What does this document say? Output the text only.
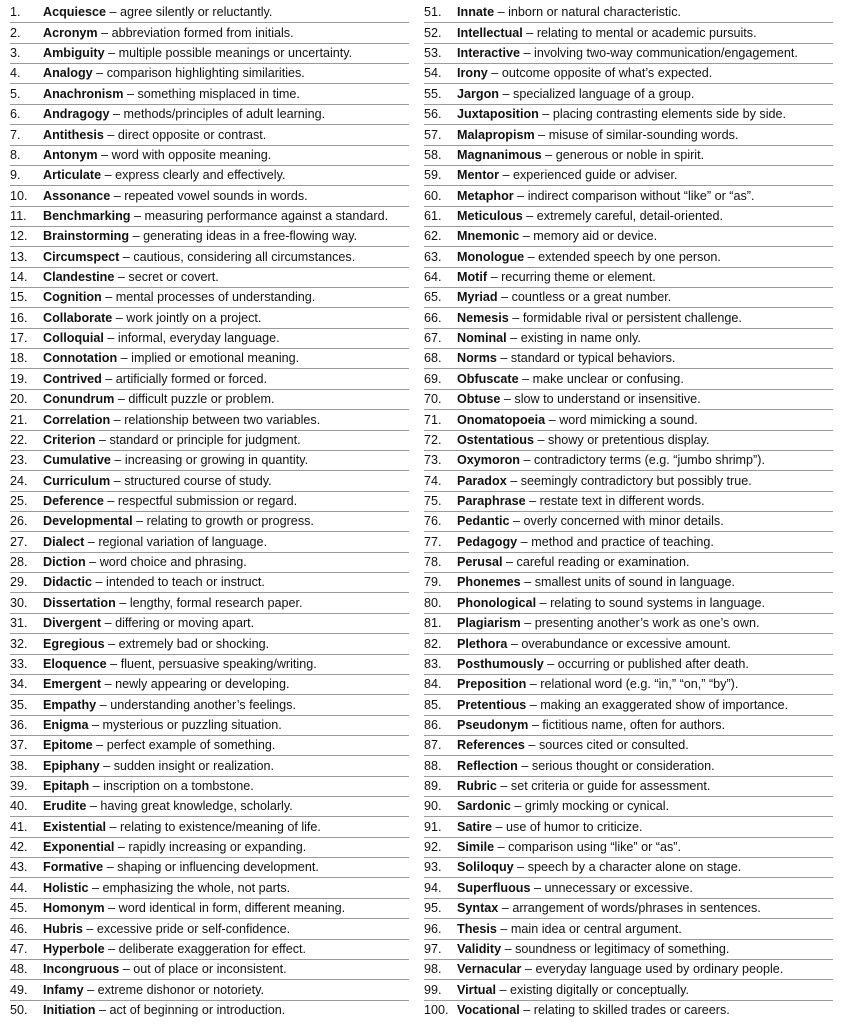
1.	Acquiesce – agree silently or reluctantly.
2.	Acronym – abbreviation formed from initials.
3.	Ambiguity – multiple possible meanings or uncertainty.
4.	Analogy – comparison highlighting similarities.
5.	Anachronism – something misplaced in time.
6.	Andragogy – methods/principles of adult learning.
7.	Antithesis – direct opposite or contrast.
8.	Antonym – word with opposite meaning.
9.	Articulate – express clearly and effectively.
10.	Assonance – repeated vowel sounds in words.
11.	Benchmarking – measuring performance against a standard.
12.	Brainstorming – generating ideas in a free-flowing way.
13.	Circumspect – cautious, considering all circumstances.
14.	Clandestine – secret or covert.
15.	Cognition – mental processes of understanding.
16.	Collaborate – work jointly on a project.
17.	Colloquial – informal, everyday language.
18.	Connotation – implied or emotional meaning.
19.	Contrived – artificially formed or forced.
20.	Conundrum – difficult puzzle or problem.
21.	Correlation – relationship between two variables.
22.	Criterion – standard or principle for judgment.
23.	Cumulative – increasing or growing in quantity.
24.	Curriculum – structured course of study.
25.	Deference – respectful submission or regard.
26.	Developmental – relating to growth or progress.
27.	Dialect – regional variation of language.
28.	Diction – word choice and phrasing.
29.	Didactic – intended to teach or instruct.
30.	Dissertation – lengthy, formal research paper.
31.	Divergent – differing or moving apart.
32.	Egregious – extremely bad or shocking.
33.	Eloquence – fluent, persuasive speaking/writing.
34.	Emergent – newly appearing or developing.
35.	Empathy – understanding another’s feelings.
36.	Enigma – mysterious or puzzling situation.
37.	Epitome – perfect example of something.
38.	Epiphany – sudden insight or realization.
39.	Epitaph – inscription on a tombstone.
40.	Erudite – having great knowledge, scholarly.
41.	Existential – relating to existence/meaning of life.
42.	Exponential – rapidly increasing or expanding.
43.	Formative – shaping or influencing development.
44.	Holistic – emphasizing the whole, not parts.
45.	Homonym – word identical in form, different meaning.
46.	Hubris – excessive pride or self-confidence.
47.	Hyperbole – deliberate exaggeration for effect.
48.	Incongruous – out of place or inconsistent.
49.	Infamy – extreme dishonor or notoriety.
50.	Initiation – act of beginning or introduction.
51.	Innate – inborn or natural characteristic.
52.	Intellectual – relating to mental or academic pursuits.
53.	Interactive – involving two-way communication/engagement.
54.	Irony – outcome opposite of what’s expected.
55.	Jargon – specialized language of a group.
56.	Juxtaposition – placing contrasting elements side by side.
57.	Malapropism – misuse of similar-sounding words.
58.	Magnanimous – generous or noble in spirit.
59.	Mentor – experienced guide or adviser.
60.	Metaphor – indirect comparison without “like” or “as”.
61.	Meticulous – extremely careful, detail-oriented.
62.	Mnemonic – memory aid or device.
63.	Monologue – extended speech by one person.
64.	Motif – recurring theme or element.
65.	Myriad – countless or a great number.
66.	Nemesis – formidable rival or persistent challenge.
67.	Nominal – existing in name only.
68.	Norms – standard or typical behaviors.
69.	Obfuscate – make unclear or confusing.
70.	Obtuse – slow to understand or insensitive.
71.	Onomatopoeia – word mimicking a sound.
72.	Ostentatious – showy or pretentious display.
73.	Oxymoron – contradictory terms (e.g. “jumbo shrimp”).
74.	Paradox – seemingly contradictory but possibly true.
75.	Paraphrase – restate text in different words.
76.	Pedantic – overly concerned with minor details.
77.	Pedagogy – method and practice of teaching.
78.	Perusal – careful reading or examination.
79.	Phonemes – smallest units of sound in language.
80.	Phonological – relating to sound systems in language.
81.	Plagiarism – presenting another’s work as one’s own.
82.	Plethora – overabundance or excessive amount.
83.	Posthumously – occurring or published after death.
84.	Preposition – relational word (e.g. “in,” “on,” “by”).
85.	Pretentious – making an exaggerated show of importance.
86.	Pseudonym – fictitious name, often for authors.
87.	References – sources cited or consulted.
88.	Reflection – serious thought or consideration.
89.	Rubric – set criteria or guide for assessment.
90.	Sardonic – grimly mocking or cynical.
91.	Satire – use of humor to criticize.
92.	Simile – comparison using “like” or “as”.
93.	Soliloquy – speech by a character alone on stage.
94.	Superfluous – unnecessary or excessive.
95.	Syntax – arrangement of words/phrases in sentences.
96.	Thesis – main idea or central argument.
97.	Validity – soundness or legitimacy of something.
98.	Vernacular – everyday language used by ordinary people.
99.	Virtual – existing digitally or conceptually.
100. Vocational – relating to skilled trades or careers.
